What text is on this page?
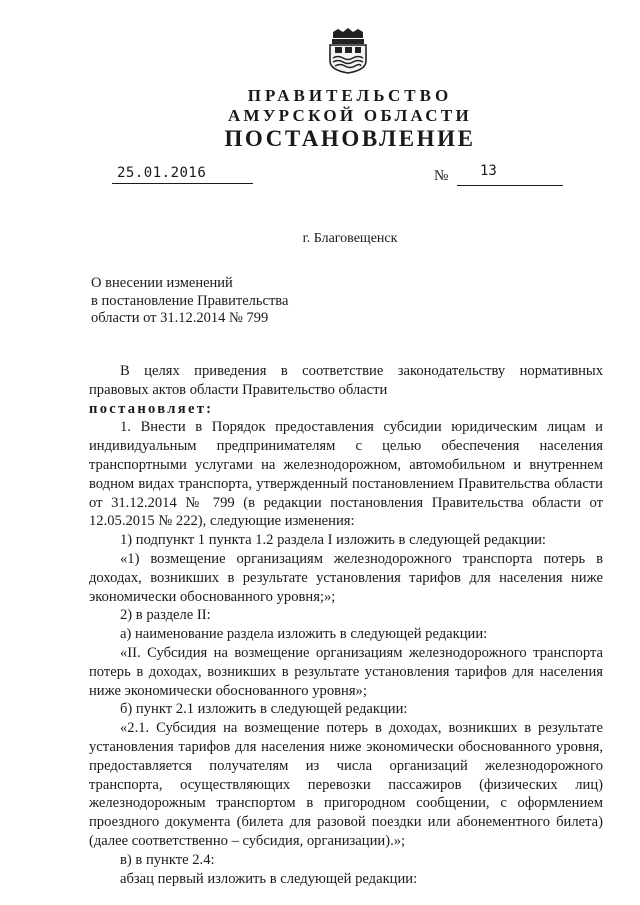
ПРАВИТЕЛЬСТВО
АМУРСКОЙ ОБЛАСТИ
ПОСТАНОВЛЕНИЕ
25.01.2016	№ 13
г. Благовещенск
О внесении изменений
в постановление Правительства
области от 31.12.2014 № 799
В целях приведения в соответствие законодательству нормативных
правовых актов области Правительство области
постановляет:
1. Внести в Порядок предоставления субсидии юридическим лицам и
индивидуальным предпринимателям с целью обеспечения населения
транспортными услугами на железнодорожном, автомобильном и внутреннем
водном видах транспорта, утвержденный постановлением Правительства области
от 31.12.2014 № 799 (в редакции постановления Правительства области от
12.05.2015 № 222), следующие изменения:
1) подпункт 1 пункта 1.2 раздела I изложить в следующей редакции:
«1) возмещение организациям железнодорожного транспорта потерь в
доходах, возникших в результате установления тарифов для населения ниже
экономически обоснованного уровня;»;
2) в разделе II:
а) наименование раздела изложить в следующей редакции:
«II. Субсидия на возмещение организациям железнодорожного транспорта
потерь в доходах, возникших в результате установления тарифов для населения
ниже экономически обоснованного уровня»;
б) пункт 2.1 изложить в следующей редакции:
«2.1. Субсидия на возмещение потерь в доходах, возникших в результате
установления тарифов для населения ниже экономически обоснованного уровня,
предоставляется получателям из числа организаций железнодорожного
транспорта, осуществляющих перевозки пассажиров (физических лиц)
железнодорожным транспортом в пригородном сообщении, с оформлением
проездного документа (билета для разовой поездки или абонементного билета)
(далее соответственно – субсидия, организации).»;
в) в пункте 2.4:
абзац первый изложить в следующей редакции:
